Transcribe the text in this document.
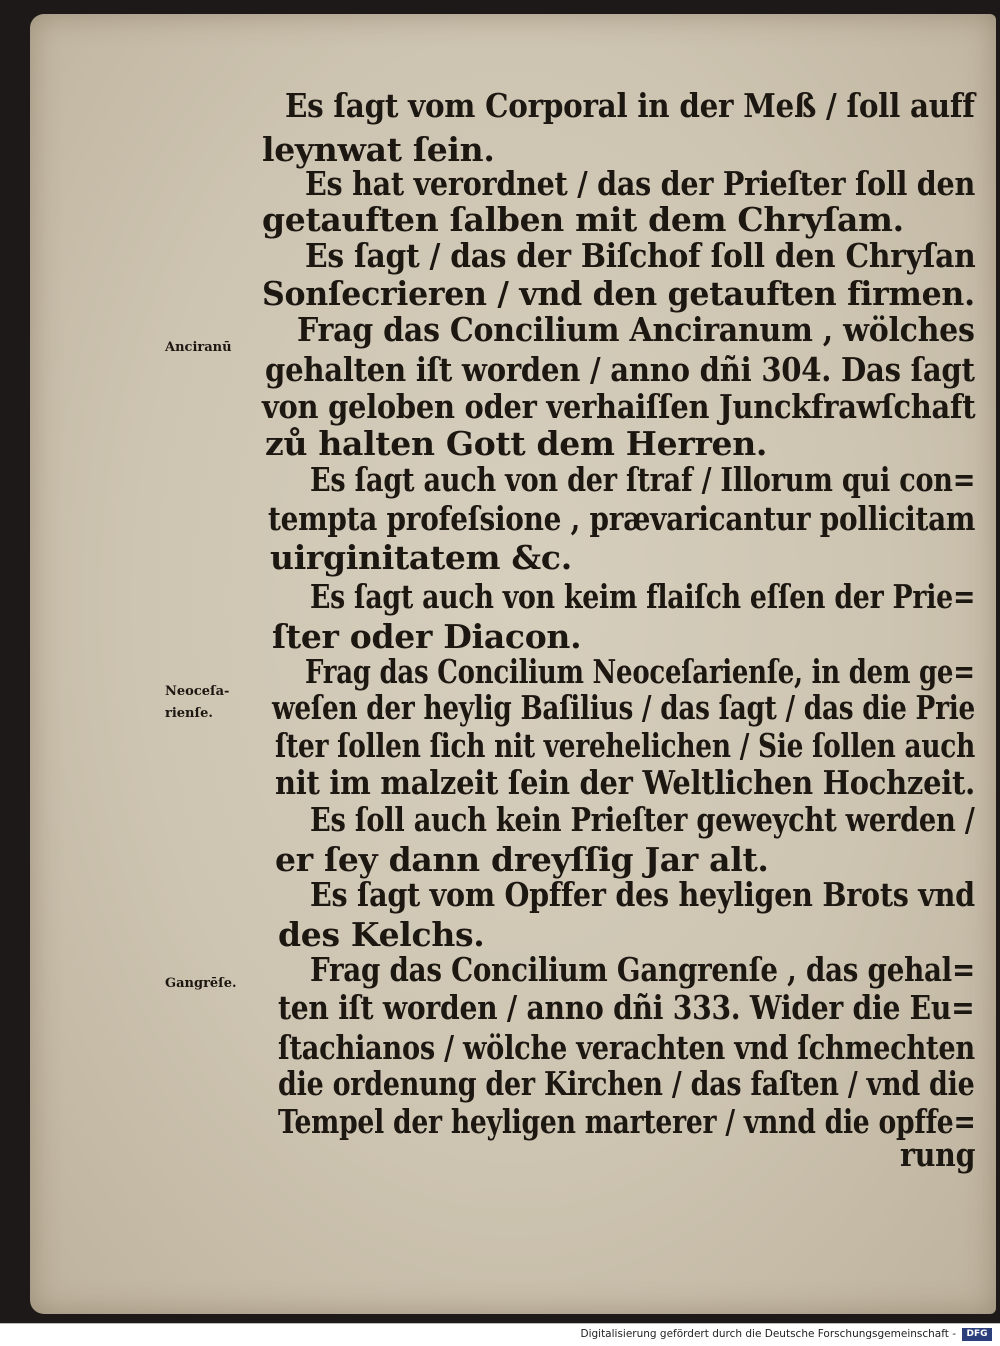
Es ſagt vom Corporal in der Meß / ſoll auff
leynwat ſein.
Es hat verordnet / das der Prieſter ſoll den
getauften ſalben mit dem Chryſam.
Es ſagt / das der Biſchof ſoll den Chryſan
Sonſecrieren / vnd den getauften firmen.
Frag das Concilium Anciranum , wölches
gehalten iſt worden / anno dñi 304. Das ſagt
von geloben oder verhaiſſen Junckfrawſchaft
zů halten Gott dem Herren.
Es ſagt auch von der ſtraf / Illorum qui con=
tempta profeſsione , prævaricantur pollicitam
uirginitatem &c.
Es ſagt auch von keim flaiſch eſſen der Prie=
ſter oder Diacon.
Frag das Concilium Neoceſarienſe, in dem ge=
weſen der heylig Baſilius / das ſagt / das die Prie
ſter ſollen ſich nit verehelichen / Sie ſollen auch
nit im malzeit ſein der Weltlichen Hochzeit.
Es ſoll auch kein Prieſter geweycht werden /
er ſey dann dreyſſig Jar alt.
Es ſagt vom Opffer des heyligen Brots vnd
des Kelchs.
Frag das Concilium Gangrenſe , das gehal=
ten iſt worden / anno dñi 333. Wider die Eu=
ſtachianos / wölche verachten vnd ſchmechten
die ordenung der Kirchen / das faſten / vnd die
Tempel der heyligen marterer / vnnd die opffe=
rung
Anciranū
Neoceſa-
rienſe.
Gangrēſe.
Digitalisierung gefördert durch die Deutsche Forschungsgemeinschaft -	DFG
